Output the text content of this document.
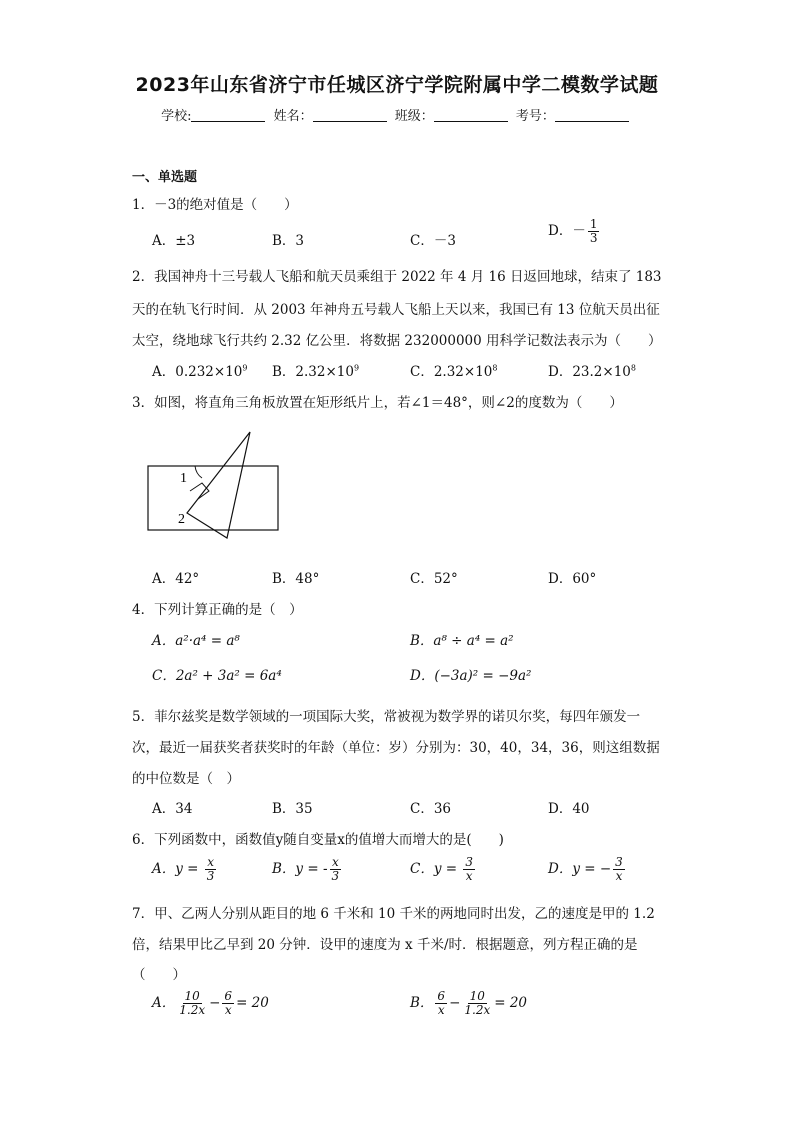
2023年山东省济宁市任城区济宁学院附属中学二模数学试题
学校:	姓名：	班级：	考号：
一、单选题
1．－3的绝对值是（　　）
A．±3	B．3	C．－3
D．－ $\frac{1}{3}$
2．我国神舟十三号载人飞船和航天员乘组于 2022 年 4 月 16 日返回地球，结束了 183
天的在轨飞行时间．从 2003 年神舟五号载人飞船上天以来，我国已有 13 位航天员出征
太空，绕地球飞行共约 2.32 亿公里．将数据 232000000 用科学记数法表示为（　　）
A．$0.232\times 10^9$ B．$2.32\times 10^9$	C．$2.32\times 10^8$	D．$23.2\times 10^8$
3．如图，将直角三角板放置在矩形纸片上，若∠1＝48°，则∠2的度数为（　　）
1
2
A．42°	B．48°	C．52°	D．60°
4．下列计算正确的是（　）
A．a²·a⁴ = a⁸	B．a⁸ ÷ a⁴ = a²
C．2a² + 3a² = 6a⁴	D．(−3a)² = −9a²
5．菲尔兹奖是数学领域的一项国际大奖，常被视为数学界的诺贝尔奖，每四年颁发一
次，最近一届获奖者获奖时的年龄（单位：岁）分别为：30，40，34，36，则这组数据
的中位数是（　）
A．34	B．35	C．36	D．40
6．下列函数中，函数值y随自变量x的值增大而增大的是(　　)
A．$y = \frac{x}{3}$	B．y = - $\frac{x}{3}$	C．$y = \frac{3}{x}$	D．y = − $\frac{3}{x}$
7．甲、乙两人分别从距目的地 6 千米和 10 千米的两地同时出发，乙的速度是甲的 1.2
倍，结果甲比乙早到 20 分钟．设甲的速度为 x 千米/时．根据题意，列方程正确的是
（　　）
A． $\frac{10}{1.2x} - \frac{6}{x} = 20$	B． $\frac{6}{x} - \frac{10}{1.2x} = 20$
